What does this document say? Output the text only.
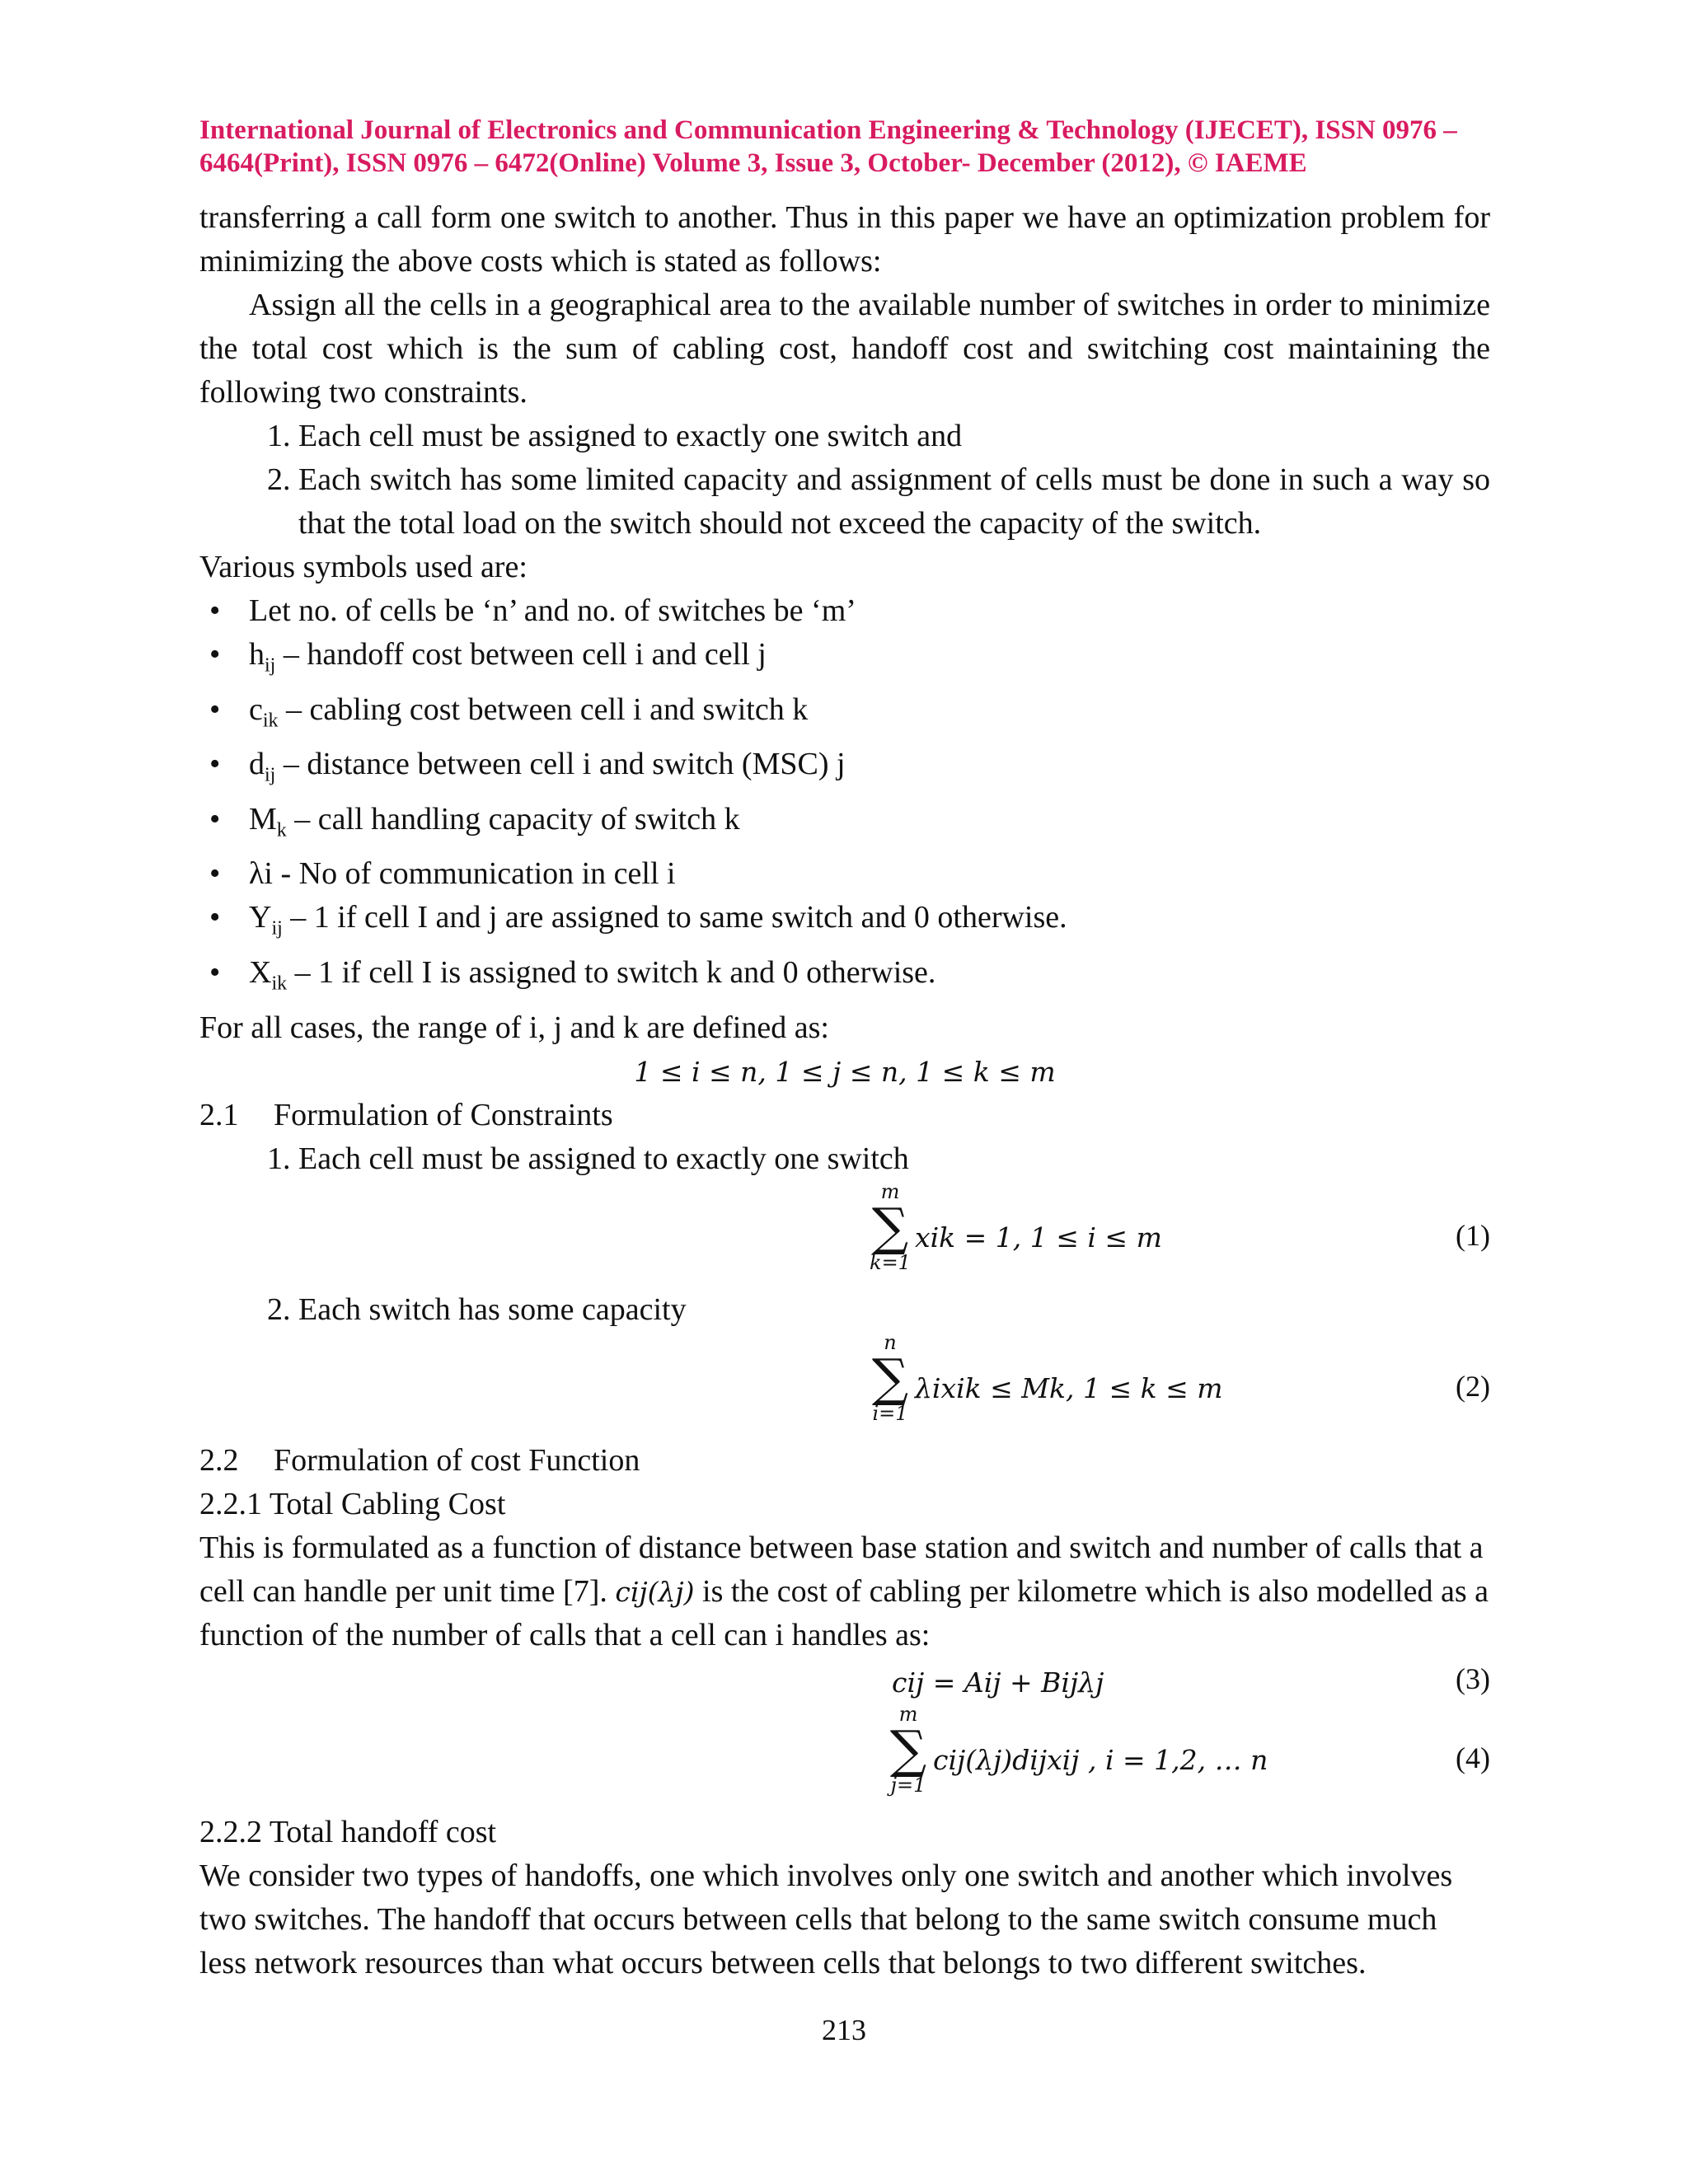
International Journal of Electronics and Communication Engineering & Technology (IJECET), ISSN 0976 –
6464(Print), ISSN 0976 – 6472(Online) Volume 3, Issue 3, October- December (2012), © IAEME

transferring a call form one switch to another. Thus in this paper we have an optimization problem for minimizing the above costs which is stated as follows:

Assign all the cells in a geographical area to the available number of switches in order to minimize the total cost which is the sum of cabling cost, handoff cost and switching cost maintaining the following two constraints.

1. Each cell must be assigned to exactly one switch and
2. Each switch has some limited capacity and assignment of cells must be done in such a way so that the total load on the switch should not exceed the capacity of the switch.

Various symbols used are:

• Let no. of cells be ‘n’ and no. of switches be ‘m’
• $h_{ij}$ – handoff cost between cell i and cell j
• $c_{ik}$ – cabling cost between cell i and switch k
• $d_{ij}$ – distance between cell i and switch (MSC) j
• $M_k$ – call handling capacity of switch k
• λi - No of communication in cell i
• $Y_{ij} - 1$ if cell I and j are assigned to same switch and 0 otherwise.
• $X_{ik} - 1$ if cell I is assigned to switch k and 0 otherwise.

For all cases, the range of i, j and k are defined as:

1 ≤ i ≤ n, 1 ≤ j ≤ n, 1 ≤ k ≤ m

2.1	Formulation of Constraints
1. Each cell must be assigned to exactly one switch
m
∑
k=1
xik = 1, 1 ≤ i ≤ m	(1)
2. Each switch has some capacity
n
∑
i=1
λixik ≤ Mk, 1 ≤ k ≤ m	(2)
2.2	Formulation of cost Function

2.2.1 Total Cabling Cost

This is formulated as a function of distance between base station and switch and number of calls that a cell can handle per unit time [7]. cij(λj) is the cost of cabling per kilometre which is also modelled as a function of the number of calls that a cell can i handles as:

cij = Aij + Bijλj	(3)
m
∑
j=1
cij(λj)dijxij , i = 1,2, … n	(4)

2.2.2 Total handoff cost

We consider two types of handoffs, one which involves only one switch and another which involves two switches. The handoff that occurs between cells that belong to the same switch consume much less network resources than what occurs between cells that belongs to two different switches.

213
